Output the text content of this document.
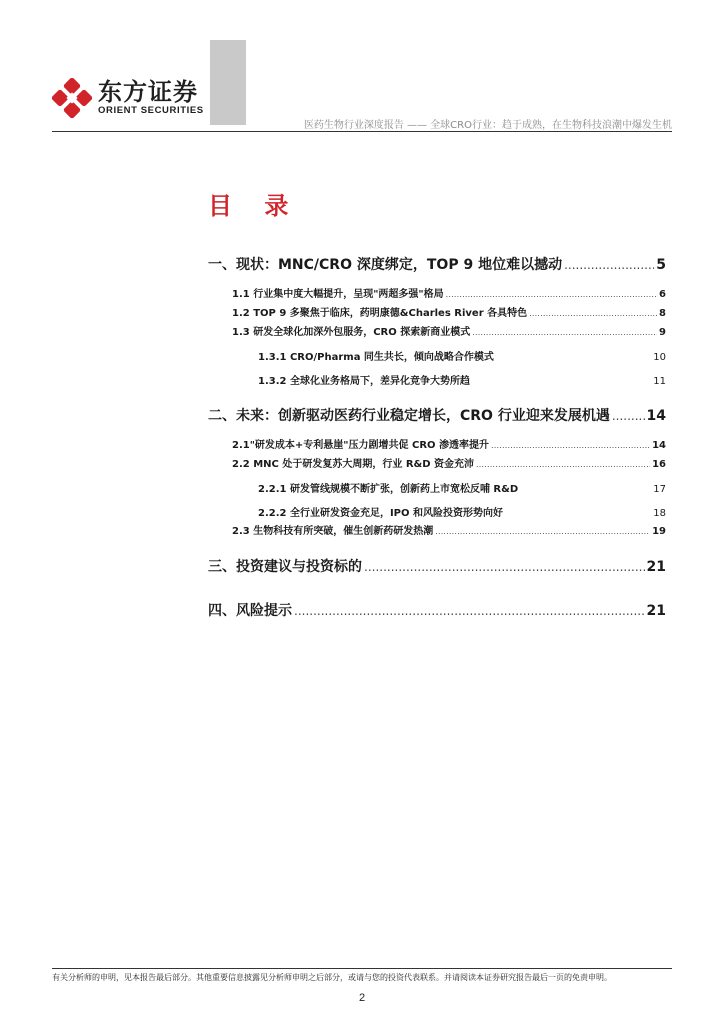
东方证券
ORIENT SECURITIES
医药生物行业深度报告 —— 全球CRO行业：趋于成熟，在生物科技浪潮中爆发生机
目 录
一、现状：MNC/CRO 深度绑定，TOP 9 地位难以撼动 .....	5
1.1 行业集中度大幅提升，呈现"两超多强"格局 .....	6
1.2 TOP 9 多聚焦于临床，药明康德&Charles River 各具特色 .....	8
1.3 研发全球化加深外包服务，CRO 探索新商业模式 .....	9
1.3.1 CRO/Pharma 同生共长，倾向战略合作模式	10
1.3.2 全球化业务格局下，差异化竞争大势所趋	11
二、未来：创新驱动医药行业稳定增长，CRO 行业迎来发展机遇 .....	14
2.1"研发成本+专利悬崖"压力剧增共促 CRO 渗透率提升 .....	14
2.2 MNC 处于研发复苏大周期，行业 R&D 资金充沛 .....	16
2.2.1 研发管线规模不断扩张，创新药上市宽松反哺 R&D	17
2.2.2 全行业研发资金充足，IPO 和风险投资形势向好	18
2.3 生物科技有所突破，催生创新药研发热潮 .....	19
三、投资建议与投资标的 .....	21
四、风险提示 .....	21
有关分析师的申明，见本报告最后部分。其他重要信息披露见分析师申明之后部分，或请与您的投资代表联系。并请阅读本证券研究报告最后一页的免责申明。
2
